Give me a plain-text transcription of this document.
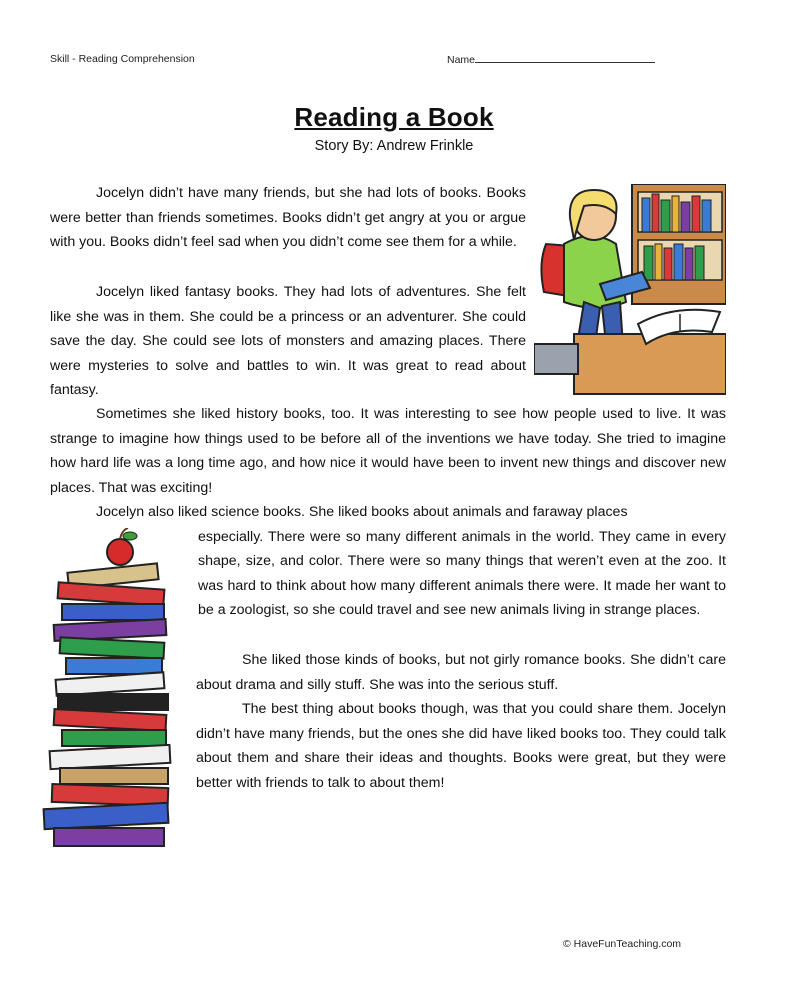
Skill - Reading Comprehension	Name
Reading a Book
Story By: Andrew Frinkle

Jocelyn didn’t have many friends, but she had lots of books. Books were better than friends sometimes. Books didn’t get angry at you or argue with you. Books didn’t feel sad when you didn’t come see them for a while.

Jocelyn liked fantasy books. They had lots of adventures. She felt like she was in them. She could be a princess or an adventurer. She could save the day. She could see lots of monsters and amazing places. There were mysteries to solve and battles to win. It was great to read about fantasy.

Sometimes she liked history books, too. It was interesting to see how people used to live. It was strange to imagine how things used to be before all of the inventions we have today. She tried to imagine how hard life was a long time ago, and how nice it would have been to invent new things and discover new places. That was exciting!

Jocelyn also liked science books. She liked books about animals and faraway places
especially. There were so many different animals in the world. They came in every shape, size, and color. There were so many things that weren’t even at the zoo. It was hard to think about how many different animals there were. It made her want to be a zoologist, so she could travel and see new animals living in strange places.

She liked those kinds of books, but not girly romance books. She didn’t care about drama and silly stuff. She was into the serious stuff.

The best thing about books though, was that you could share them. Jocelyn didn’t have many friends, but the ones she did have liked books too. They could talk about them and share their ideas and thoughts. Books were great, but they were better with friends to talk to about them!

© HaveFunTeaching.com
